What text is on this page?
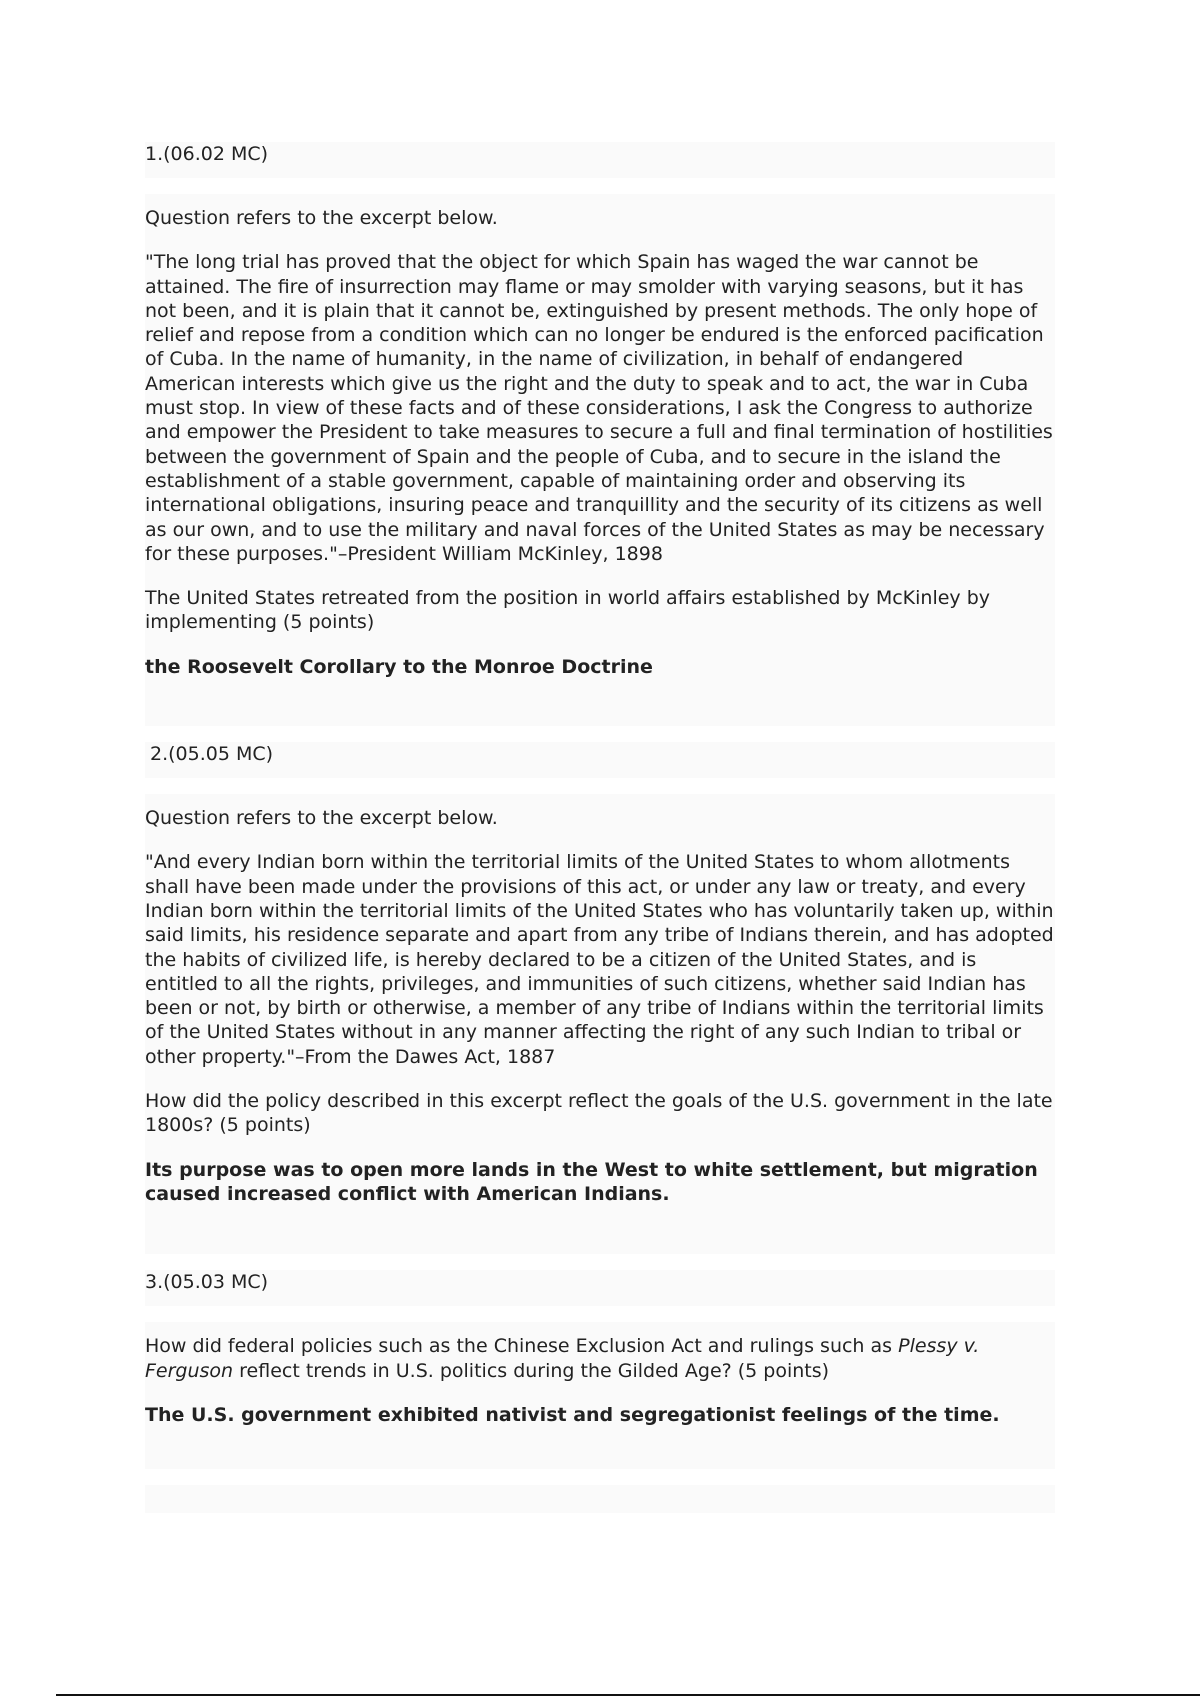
1.(06.02 MC)

Question refers to the excerpt below.

"The long trial has proved that the object for which Spain has waged the war cannot be attained. The fire of insurrection may flame or may smolder with varying seasons, but it has not been, and it is plain that it cannot be, extinguished by present methods. The only hope of relief and repose from a condition which can no longer be endured is the enforced pacification of Cuba. In the name of humanity, in the name of civilization, in behalf of endangered American interests which give us the right and the duty to speak and to act, the war in Cuba must stop. In view of these facts and of these considerations, I ask the Congress to authorize and empower the President to take measures to secure a full and final termination of hostilities between the government of Spain and the people of Cuba, and to secure in the island the establishment of a stable government, capable of maintaining order and observing its international obligations, insuring peace and tranquillity and the security of its citizens as well as our own, and to use the military and naval forces of the United States as may be necessary for these purposes."–President William McKinley, 1898

The United States retreated from the position in world affairs established by McKinley by implementing (5 points)

the Roosevelt Corollary to the Monroe Doctrine

2.(05.05 MC)

Question refers to the excerpt below.

"And every Indian born within the territorial limits of the United States to whom allotments shall have been made under the provisions of this act, or under any law or treaty, and every Indian born within the territorial limits of the United States who has voluntarily taken up, within said limits, his residence separate and apart from any tribe of Indians therein, and has adopted the habits of civilized life, is hereby declared to be a citizen of the United States, and is entitled to all the rights, privileges, and immunities of such citizens, whether said Indian has been or not, by birth or otherwise, a member of any tribe of Indians within the territorial limits of the United States without in any manner affecting the right of any such Indian to tribal or other property."–From the Dawes Act, 1887

How did the policy described in this excerpt reflect the goals of the U.S. government in the late 1800s? (5 points)

Its purpose was to open more lands in the West to white settlement, but migration caused increased conflict with American Indians.

3.(05.03 MC)

How did federal policies such as the Chinese Exclusion Act and rulings such as Plessy v. Ferguson reflect trends in U.S. politics during the Gilded Age? (5 points)

The U.S. government exhibited nativist and segregationist feelings of the time.
